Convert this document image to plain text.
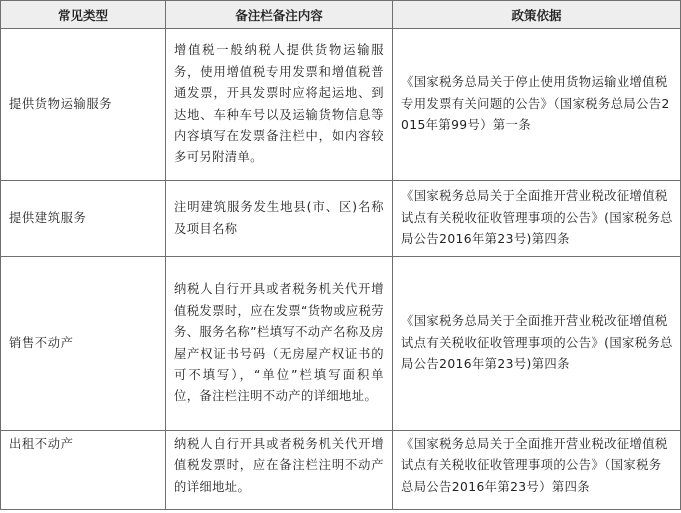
常见类型	备注栏备注内容	政策依据
提供货物运输服务	增值税一般纳税人提供货物运输服务，使用增值税专用发票和增值税普通发票，开具发票时应将起运地、到达地、车种车号以及运输货物信息等内容填写在发票备注栏中，如内容较多可另附清单。	《国家税务总局关于停止使用货物运输业增值税专用发票有关问题的公告》（国家税务总局公告2015年第99号）第一条
提供建筑服务	注明建筑服务发生地县(市、区)名称及项目名称	《国家税务总局关于全面推开营业税改征增值税试点有关税收征收管理事项的公告》(国家税务总局公告2016年第23号)第四条
销售不动产	纳税人自行开具或者税务机关代开增值税发票时，应在发票“货物或应税劳务、服务名称”栏填写不动产名称及房屋产权证书号码（无房屋产权证书的可不填写），“单位”栏填写面积单位，备注栏注明不动产的详细地址。	《国家税务总局关于全面推开营业税改征增值税试点有关税收征收管理事项的公告》(国家税务总局公告2016年第23号)第四条
出租不动产	纳税人自行开具或者税务机关代开增值税发票时，应在备注栏注明不动产的详细地址。	《国家税务总局关于全面推开营业税改征增值税试点有关税收征收管理事项的公告》（国家税务总局公告2016年第23号）第四条
